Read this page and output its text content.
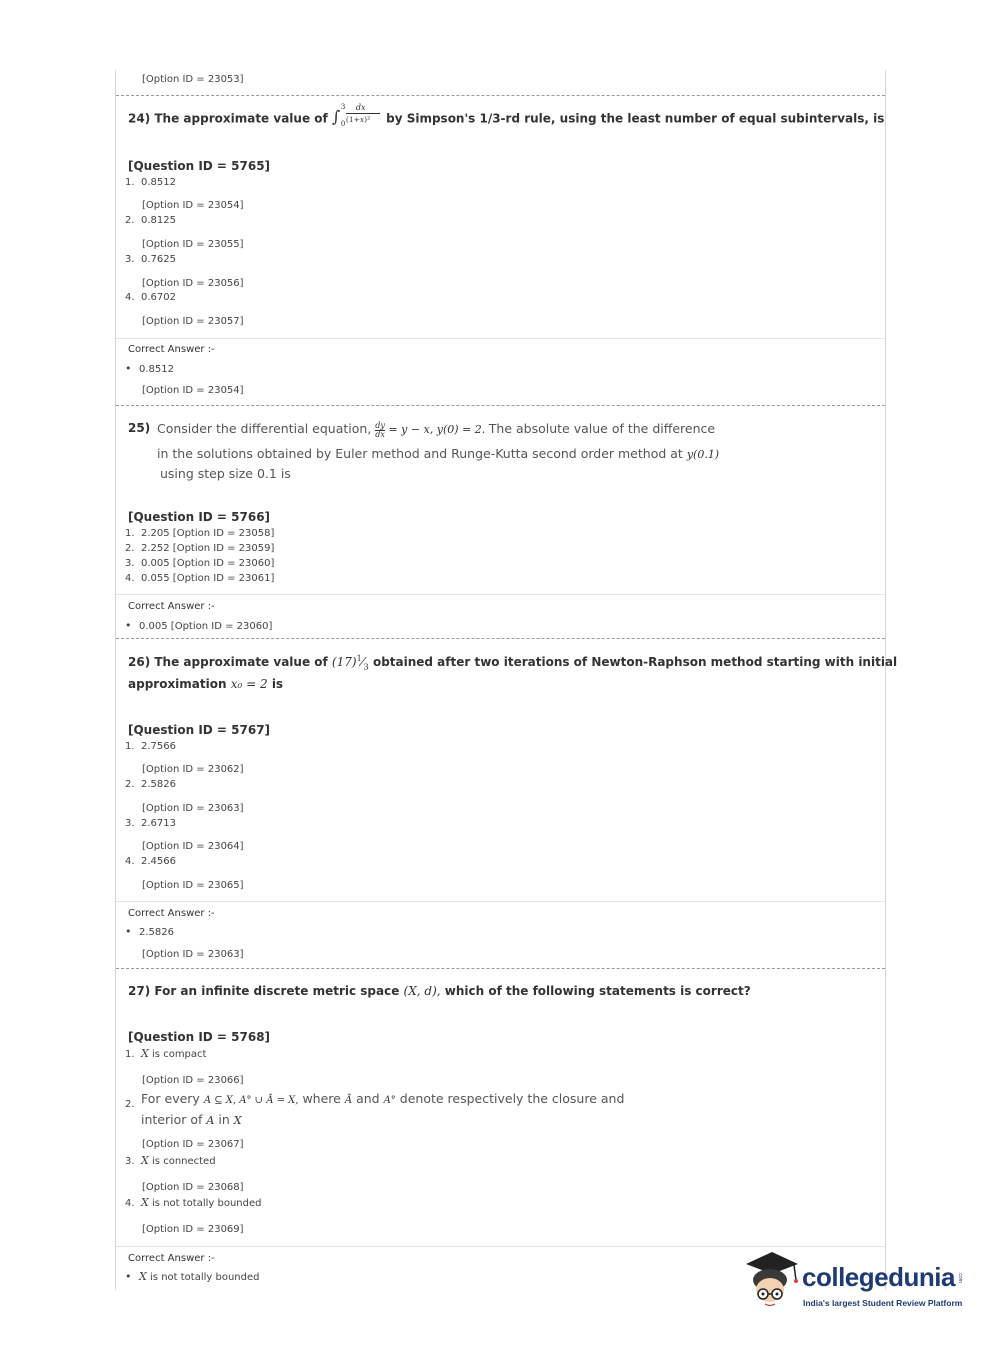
[Option ID = 23053]
24) The approximate value of ∫ 3
0
dx
(1+x)² by Simpson's 1/3-rd rule, using the least number of equal subintervals, is
[Question ID = 5765]
1. 0.8512
[Option ID = 23054]
2. 0.8125
[Option ID = 23055]
3. 0.7625
[Option ID = 23056]
4. 0.6702
[Option ID = 23057]
Correct Answer :-
• 0.8512
[Option ID = 23054]
25) Consider the differential equation, $\frac{dy}{dx} = y - x$, y(0) = 2. The absolute value of the difference
in the solutions obtained by Euler method and Runge-Kutta second order method at y(0.1)
using step size 0.1 is
[Question ID = 5766]
1. 2.205 [Option ID = 23058]
2. 2.252 [Option ID = 23059]
3. 0.005 [Option ID = 23060]
4. 0.055 [Option ID = 23061]
Correct Answer :-
• 0.005 [Option ID = 23060]
26) The approximate value of $(17)^1⁄_3$ obtained after two iterations of Newton-Raphson method starting with initial
approximation x₀ = 2 is
[Question ID = 5767]
1. 2.7566
[Option ID = 23062]
2. 2.5826
[Option ID = 23063]
3. 2.6713
[Option ID = 23064]
4. 2.4566
[Option ID = 23065]
Correct Answer :-
• 2.5826
[Option ID = 23063]
27) For an infinite discrete metric space (X, d), which of the following statements is correct?
[Question ID = 5768]
1. X is compact
[Option ID = 23066]
2. For every A ⊆ X, A° ∪ Ā = X, where Ā and A° denote respectively the closure and
interior of A in X
[Option ID = 23067]
3. X is connected
[Option ID = 23068]
4. X is not totally bounded
[Option ID = 23069]
Correct Answer :-
• X is not totally bounded	collegedunia .com
India's largest Student Review Platform
